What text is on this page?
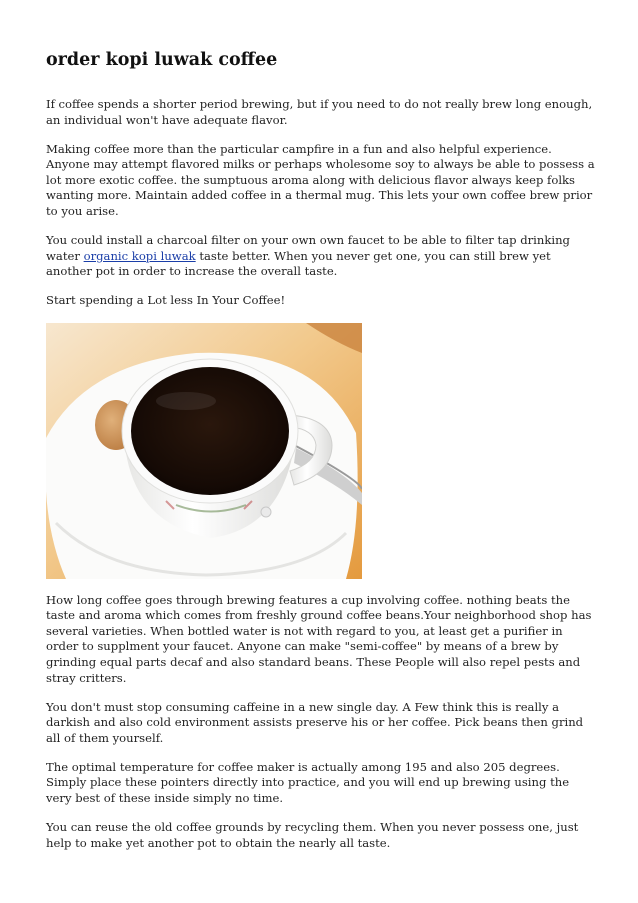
order kopi luwak coffee

If coffee spends a shorter period brewing, but if you need to do not really brew long enough, an individual won't have adequate flavor.

Making coffee more than the particular campfire in a fun and also helpful experience. Anyone may attempt flavored milks or perhaps wholesome soy to always be able to possess a lot more exotic coffee. the sumptuous aroma along with delicious flavor always keep folks wanting more. Maintain added coffee in a thermal mug. This lets your own coffee brew prior to you arise.

You could install a charcoal filter on your own own faucet to be able to filter tap drinking water organic kopi luwak taste better. When you never get one, you can still brew yet another pot in order to increase the overall taste.

Start spending a Lot less In Your Coffee!

How long coffee goes through brewing features a cup involving coffee. nothing beats the taste and aroma which comes from freshly ground coffee beans.Your neighborhood shop has several varieties. When bottled water is not with regard to you, at least get a purifier in order to supplment your faucet. Anyone can make "semi-coffee" by means of a brew by grinding equal parts decaf and also standard beans. These People will also repel pests and stray critters.

You don't must stop consuming caffeine in a new single day. A Few think this is really a darkish and also cold environment assists preserve his or her coffee. Pick beans then grind all of them yourself.

The optimal temperature for coffee maker is actually among 195 and also 205 degrees. Simply place these pointers directly into practice, and you will end up brewing using the very best of these inside simply no time.

You can reuse the old coffee grounds by recycling them. When you never possess one, just help to make yet another pot to obtain the nearly all taste.
